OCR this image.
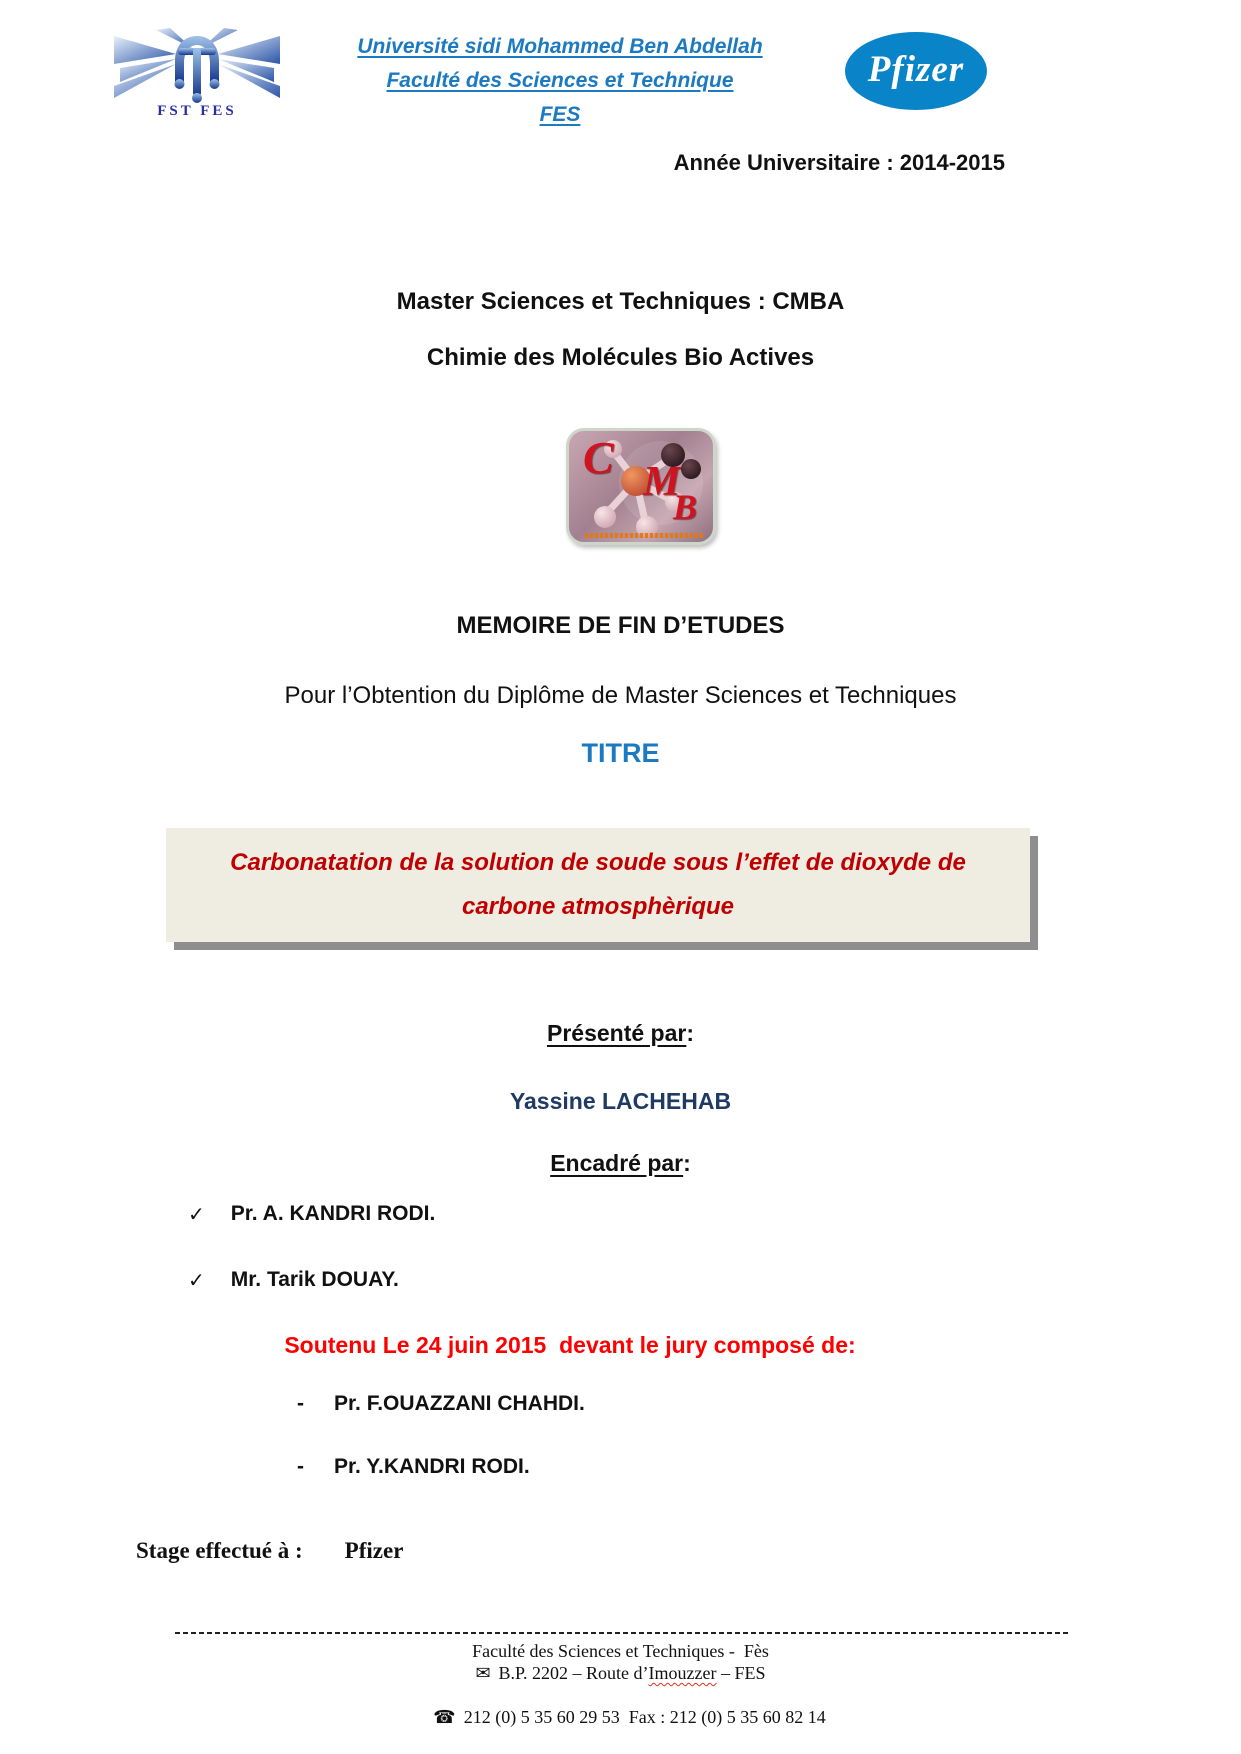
FST FES
Université sidi Mohammed Ben Abdellah
Faculté des Sciences et Technique
FES
Pfizer
Année Universitaire : 2014-2015
Master Sciences et Techniques : CMBA
Chimie des Molécules Bio Actives
C M
B
MEMOIRE DE FIN D’ETUDES
Pour l’Obtention du Diplôme de Master Sciences et Techniques
TITRE
Carbonatation de la solution de soude sous l’effet de dioxyde de
carbone atmosphèrique
Présenté par:
Yassine LACHEHAB
Encadré par:
✓ Pr. A. KANDRI RODI.
✓ Mr. Tarik DOUAY.
Soutenu Le 24 juin 2015  devant le jury composé de:
- Pr. F.OUAZZANI CHAHDI.
- Pr. Y.KANDRI RODI.
Stage effectué à : Pfizer
Faculté des Sciences et Techniques -  Fès
✉ B.P. 2202 – Route d’Imouzzer – FES

☎ 212 (0) 5 35 60 29 53  Fax : 212 (0) 5 35 60 82 14
